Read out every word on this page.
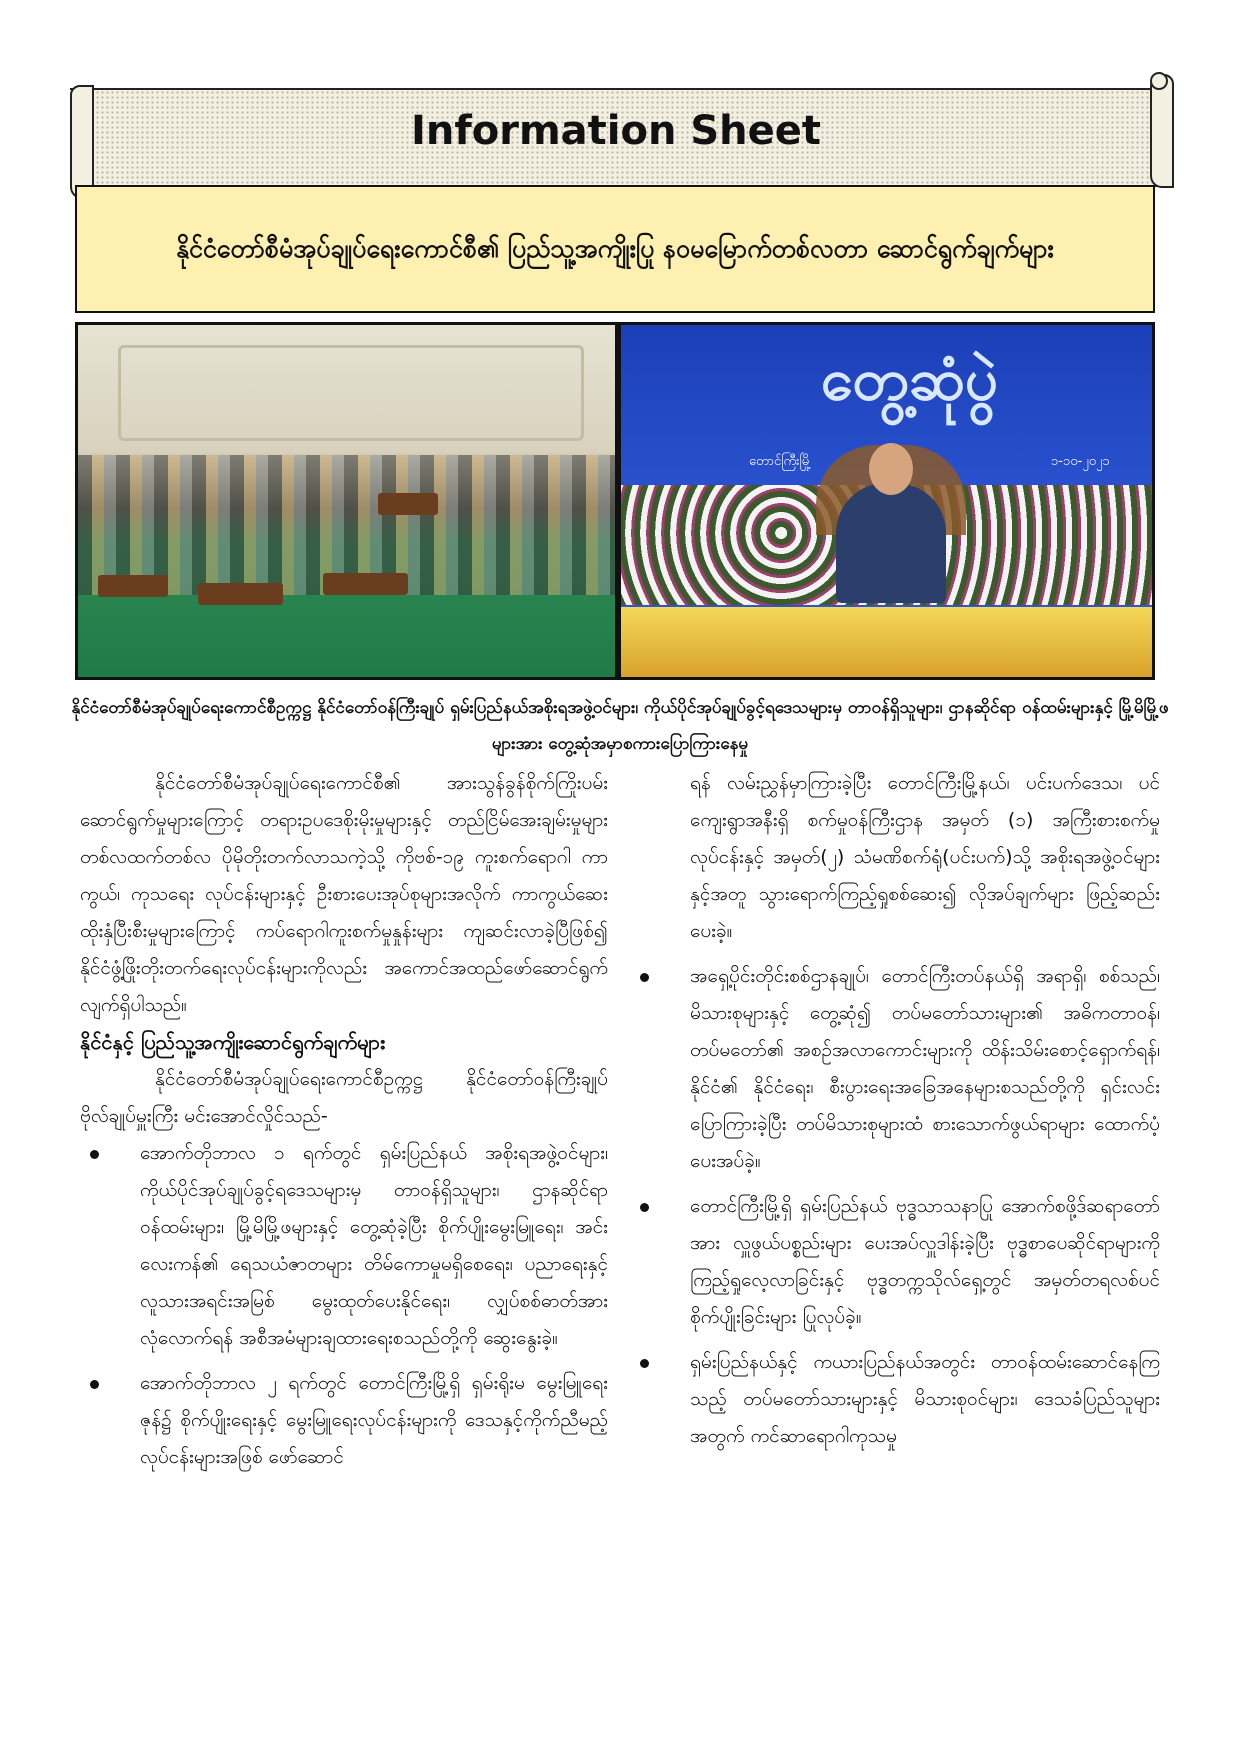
Information Sheet
နိုင်ငံတော်စီမံအုပ်ချုပ်ရေးကောင်စီ၏ ပြည်သူ့အကျိုးပြု နဝမမြောက်တစ်လတာ ဆောင်ရွက်ချက်များ
တွေ့ဆုံပွဲ
တောင်ကြီးမြို့	၁-၁၀-၂၀၂၁
နိုင်ငံတော်စီမံအုပ်ချုပ်ရေးကောင်စီဥက္ကဋ္ဌ နိုင်ငံတော်ဝန်ကြီးချုပ် ရှမ်းပြည်နယ်အစိုးရအဖွဲ့ဝင်များ၊ ကိုယ်ပိုင်အုပ်ချုပ်ခွင့်ရဒေသများမှ တာဝန်ရှိသူများ၊ ဌာနဆိုင်ရာ ဝန်ထမ်းများနှင့် မြို့မိမြို့ဖများအား တွေ့ဆုံအမှာစကားပြောကြားနေမှု

နိုင်ငံတော်စီမံအုပ်ချုပ်ရေးကောင်စီ၏ အားသွန်ခွန်စိုက်ကြိုးပမ်းဆောင်ရွက်မှုများကြောင့် တရားဥပဒေစိုးမိုးမှုများနှင့် တည်ငြိမ်အေးချမ်းမှုများ တစ်လထက်တစ်လ ပိုမိုတိုးတက်လာသကဲ့သို့ ကိုဗစ်-၁၉ ကူးစက်ရောဂါ ကာကွယ်၊ ကုသရေး လုပ်ငန်းများနှင့် ဦးစားပေးအုပ်စုများအလိုက် ကာကွယ်ဆေးထိုးနှံပြီးစီးမှုများကြောင့် ကပ်ရောဂါကူးစက်မှုနှုန်းများ ကျဆင်းလာခဲ့ပြီဖြစ်၍ နိုင်ငံဖွံ့ဖြိုးတိုးတက်ရေးလုပ်ငန်းများကိုလည်း အကောင်အထည်ဖော်ဆောင်ရွက်လျက်ရှိပါသည်။

နိုင်ငံနှင့် ပြည်သူ့အကျိုးဆောင်ရွက်ချက်များ

နိုင်ငံတော်စီမံအုပ်ချုပ်ရေးကောင်စီဥက္ကဋ္ဌ နိုင်ငံတော်ဝန်ကြီးချုပ် ဗိုလ်ချုပ်မှူးကြီး မင်းအောင်လှိုင်သည်-

အောက်တိုဘာလ ၁ ရက်တွင် ရှမ်းပြည်နယ် အစိုးရအဖွဲ့ဝင်များ၊ ကိုယ်ပိုင်အုပ်ချုပ်ခွင့်ရဒေသများမှ တာဝန်ရှိသူများ၊ ဌာနဆိုင်ရာဝန်ထမ်းများ၊ မြို့မိမြို့ဖများနှင့် တွေ့ဆုံခဲ့ပြီး စိုက်ပျိုးမွေးမြူရေး၊ အင်းလေးကန်၏ ရေသယံဇာတများ တိမ်ကောမှုမရှိစေရေး၊ ပညာရေးနှင့်လူသားအရင်းအမြစ် မွေးထုတ်ပေးနိုင်ရေး၊ လျှပ်စစ်ဓာတ်အားလုံလောက်ရန် အစီအမံများချထားရေးစသည်တို့ကို ဆွေးနွေးခဲ့။
အောက်တိုဘာလ ၂ ရက်တွင် တောင်ကြီးမြို့ရှိ ရှမ်းရိုးမ မွေးမြူရေးဇုန်၌ စိုက်ပျိုးရေးနှင့် မွေးမြူရေးလုပ်ငန်းများကို ဒေသနှင့်ကိုက်ညီမည့်လုပ်ငန်းများအဖြစ် ဖော်ဆောင်

ရန် လမ်းညွှန်မှာကြားခဲ့ပြီး တောင်ကြီးမြို့နယ်၊ ပင်းပက်ဒေသ၊ ပင်ကျေးရွာအနီးရှိ စက်မှုဝန်ကြီးဌာန အမှတ် (၁) အကြီးစားစက်မှုလုပ်ငန်းနှင့် အမှတ်(၂) သံမဏိစက်ရုံ(ပင်းပက်)သို့ အစိုးရအဖွဲ့ဝင်များနှင့်အတူ သွားရောက်ကြည့်ရှုစစ်ဆေး၍ လိုအပ်ချက်များ ဖြည့်ဆည်းပေးခဲ့။

အရှေ့ပိုင်းတိုင်းစစ်ဌာနချုပ်၊ တောင်ကြီးတပ်နယ်ရှိ အရာရှိ၊ စစ်သည်၊ မိသားစုများနှင့် တွေ့ဆုံ၍ တပ်မတော်သားများ၏ အဓိကတာဝန်၊ တပ်မတော်၏ အစဉ်အလာကောင်းများကို ထိန်းသိမ်းစောင့်ရှောက်ရန်၊ နိုင်ငံ၏ နိုင်ငံရေး၊ စီးပွားရေးအခြေအနေများစသည်တို့ကို ရှင်းလင်းပြောကြားခဲ့ပြီး တပ်မိသားစုများထံ စားသောက်ဖွယ်ရာများ ထောက်ပံ့ပေးအပ်ခဲ့။
တောင်ကြီးမြို့ရှိ ရှမ်းပြည်နယ် ဗုဒ္ဓသာသနာပြု အောက်စဖို့ဒ်ဆရာတော်အား လှူဖွယ်ပစ္စည်းများ ပေးအပ်လှူဒါန်းခဲ့ပြီး ဗုဒ္ဓစာပေဆိုင်ရာများကို ကြည့်ရှုလေ့လာခြင်းနှင့် ဗုဒ္ဓတက္ကသိုလ်ရှေ့တွင် အမှတ်တရလစ်ပင်စိုက်ပျိုးခြင်းများ ပြုလုပ်ခဲ့။
ရှမ်းပြည်နယ်နှင့် ကယားပြည်နယ်အတွင်း တာဝန်ထမ်းဆောင်နေကြသည့် တပ်မတော်သားများနှင့် မိသားစုဝင်များ၊ ဒေသခံပြည်သူများအတွက် ကင်ဆာရောဂါကုသမှု
